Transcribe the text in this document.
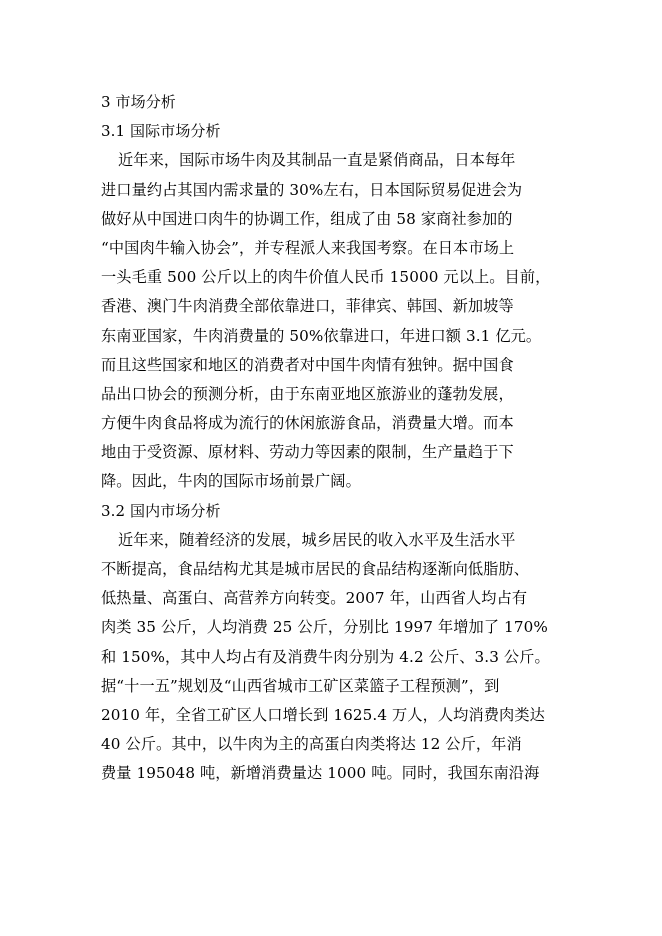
3 市场分析
3.1 国际市场分析
近年来，国际市场牛肉及其制品一直是紧俏商品，日本每年
进口量约占其国内需求量的 30%左右，日本国际贸易促进会为
做好从中国进口肉牛的协调工作，组成了由 58 家商社参加的
“中国肉牛输入协会”，并专程派人来我国考察。在日本市场上
一头毛重 500 公斤以上的肉牛价值人民币 15000 元以上。目前，
香港、澳门牛肉消费全部依靠进口，菲律宾、韩国、新加坡等
东南亚国家，牛肉消费量的 50%依靠进口，年进口额 3.1 亿元。
而且这些国家和地区的消费者对中国牛肉情有独钟。据中国食
品出口协会的预测分析，由于东南亚地区旅游业的蓬勃发展，
方便牛肉食品将成为流行的休闲旅游食品，消费量大增。而本
地由于受资源、原材料、劳动力等因素的限制，生产量趋于下
降。因此，牛肉的国际市场前景广阔。
3.2 国内市场分析
近年来，随着经济的发展，城乡居民的收入水平及生活水平
不断提高，食品结构尤其是城市居民的食品结构逐渐向低脂肪、
低热量、高蛋白、高营养方向转变。2007 年，山西省人均占有
肉类 35 公斤，人均消费 25 公斤，分别比 1997 年增加了 170%
和 150%，其中人均占有及消费牛肉分别为 4.2 公斤、3.3 公斤。
据“十一五”规划及“山西省城市工矿区菜篮子工程预测”，到
2010 年，全省工矿区人口增长到 1625.4 万人，人均消费肉类达
40 公斤。其中，以牛肉为主的高蛋白肉类将达 12 公斤，年消
费量 195048 吨，新增消费量达 1000 吨。同时，我国东南沿海
